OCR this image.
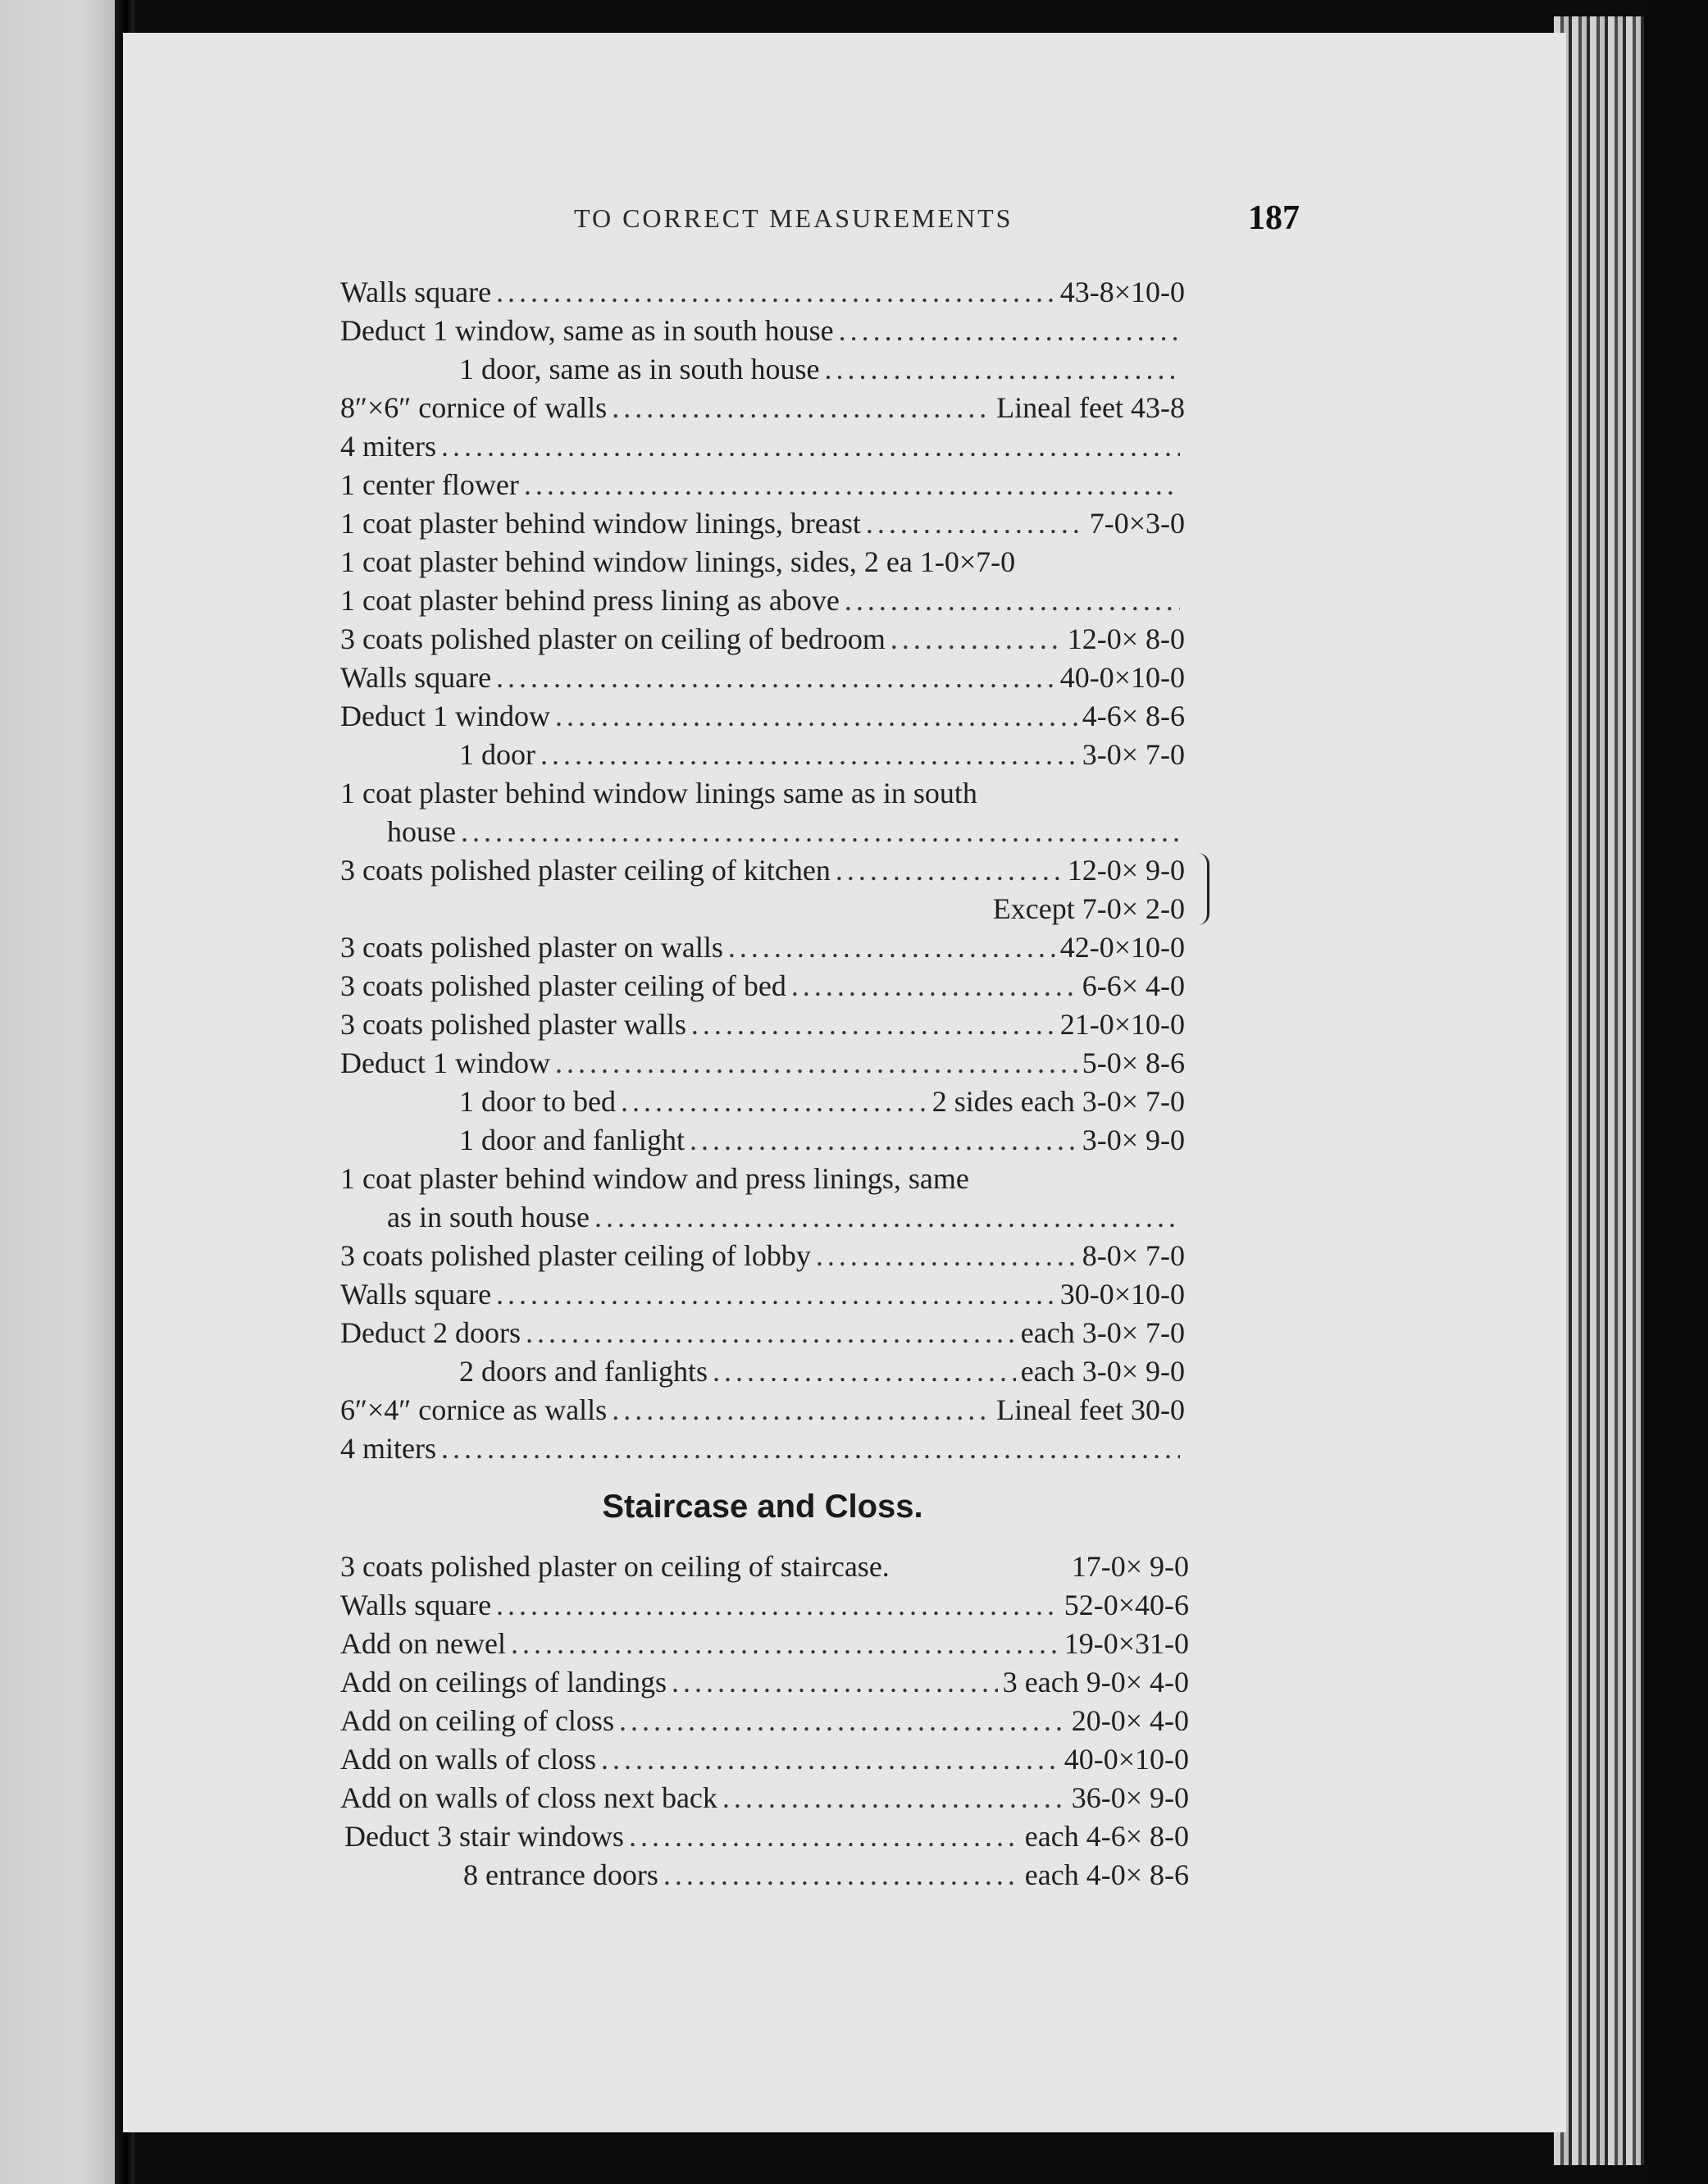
TO CORRECT MEASUREMENTS	187
Walls square . . .	43-8×10-0
Deduct 1 window, same as in south house
. . .
1 door, same as in south house
. . .
8″×6″ cornice of walls . . .	Lineal feet 43-8
4 miters
. . .
1 center flower
. . .
1 coat plaster behind window linings, breast . . .	7-0×3-0
1 coat plaster behind window linings, sides, 2 ea 1-0×7-0
1 coat plaster behind press lining as above
. . .
3 coats polished plaster on ceiling of bedroom . . .	12-0× 8-0
Walls square . . .	40-0×10-0
Deduct 1 window . . .	4-6× 8-6
1 door . . .	3-0× 7-0
1 coat plaster behind window linings same as in south
house
. . .
3 coats polished plaster ceiling of kitchen . . .	12-0× 9-0
Except 7-0× 2-0
3 coats polished plaster on walls . . .	42-0×10-0
3 coats polished plaster ceiling of bed . . .	6-6× 4-0
3 coats polished plaster walls . . .	21-0×10-0
Deduct 1 window . . .	5-0× 8-6
1 door to bed . . .	2 sides each 3-0× 7-0
1 door and fanlight . . .	3-0× 9-0
1 coat plaster behind window and press linings, same
as in south house
. . .
3 coats polished plaster ceiling of lobby . . .	8-0× 7-0
Walls square . . .	30-0×10-0
Deduct 2 doors . . .	each 3-0× 7-0
2 doors and fanlights . . .	each 3-0× 9-0
6″×4″ cornice as walls . . .	Lineal feet 30-0
4 miters
. . .
Staircase and Closs.
3 coats polished plaster on ceiling of staircase.	17-0× 9-0
Walls square . . .	52-0×40-6
Add on newel . . .	19-0×31-0
Add on ceilings of landings . . .	3 each 9-0× 4-0
Add on ceiling of closs . . .	20-0× 4-0
Add on walls of closs . . .	40-0×10-0
Add on walls of closs next back . . .	36-0× 9-0
Deduct 3 stair windows . . .	each 4-6× 8-0
8 entrance doors . . .	each 4-0× 8-6
